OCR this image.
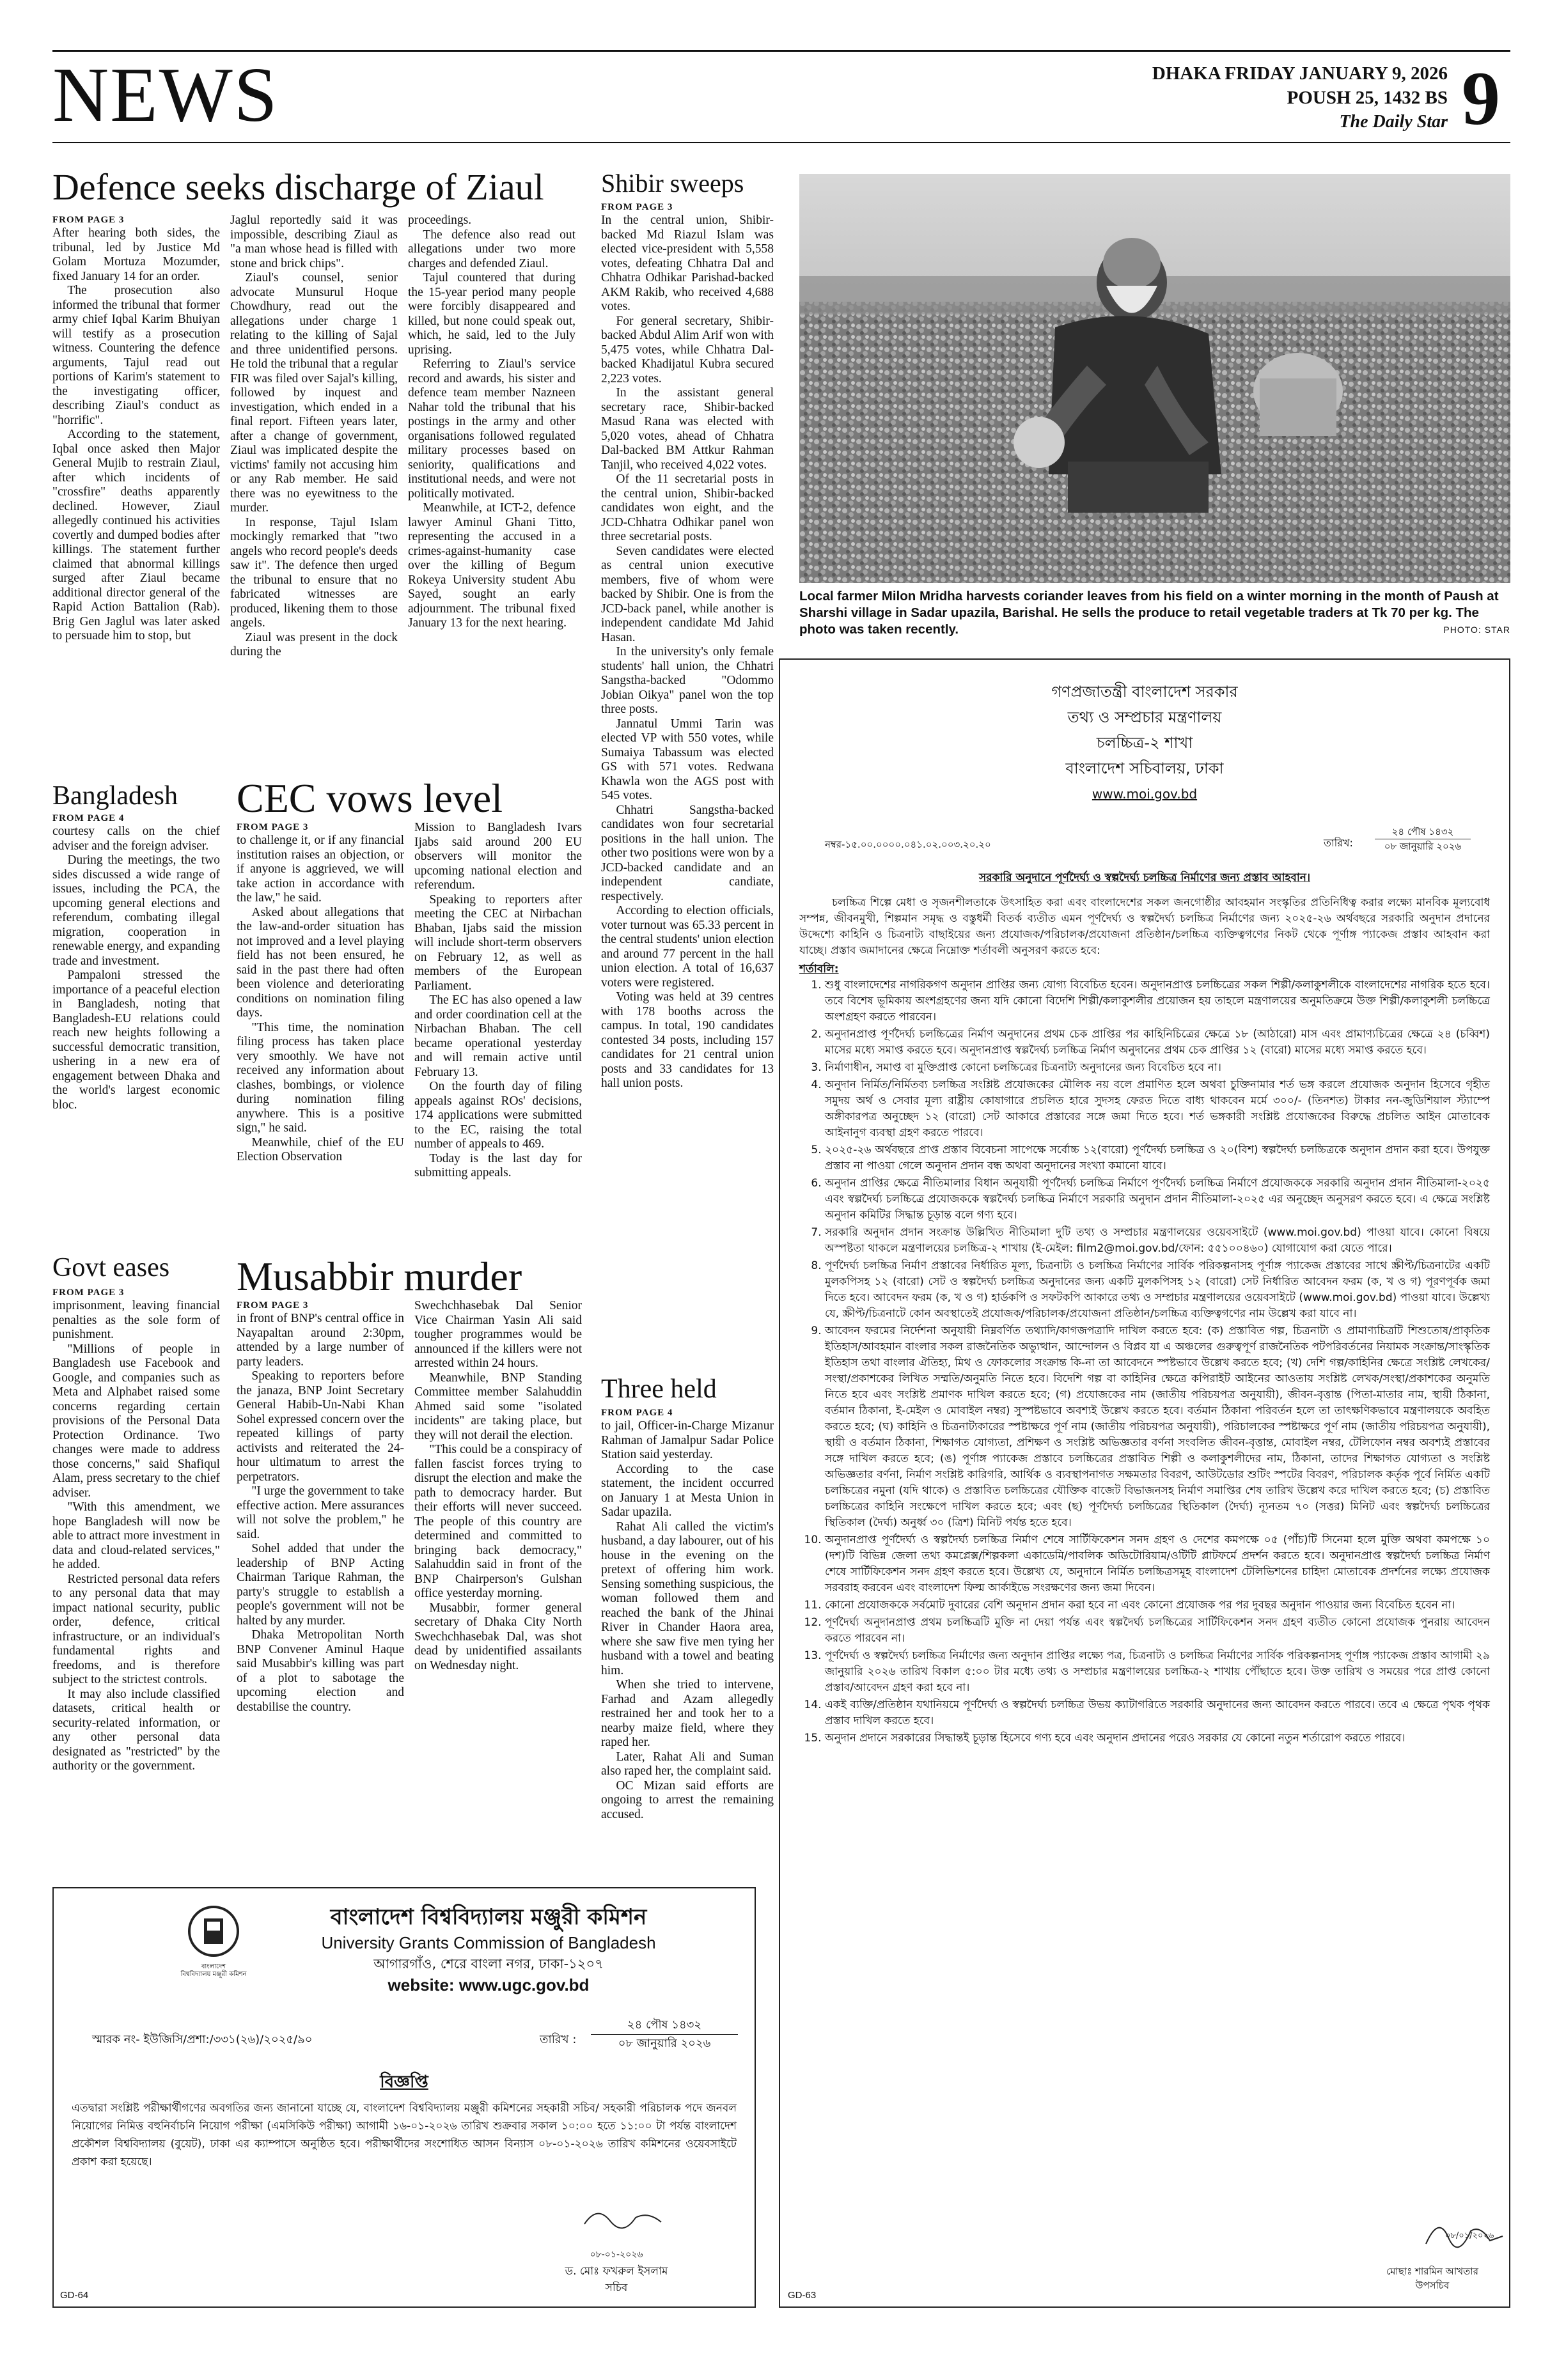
NEWS	DHAKA FRIDAY JANUARY 9, 2026
POUSH 25, 1432 BS
The Daily Star 9
Defence seeks discharge of Ziaul
FROM PAGE 3

After hearing both sides, the tribunal, led by Justice Md Golam Mortuza Mozumder, fixed January 14 for an order.

The prosecution also informed the tribunal that former army chief Iqbal Karim Bhuiyan will testify as a prosecution witness. Countering the defence arguments, Tajul read out portions of Karim's statement to the investigating officer, describing Ziaul's conduct as "horrific".

According to the statement, Iqbal once asked then Major General Mujib to restrain Ziaul, after which incidents of "crossfire" deaths apparently declined. However, Ziaul allegedly continued his activities covertly and dumped bodies after killings. The statement further claimed that abnormal killings surged after Ziaul became additional director general of the Rapid Action Battalion (Rab). Brig Gen Jaglul was later asked to persuade him to stop, but

Jaglul reportedly said it was impossible, describing Ziaul as "a man whose head is filled with stone and brick chips".

Ziaul's counsel, senior advocate Munsurul Hoque Chowdhury, read out the allegations under charge 1 relating to the killing of Sajal and three unidentified persons. He told the tribunal that a regular FIR was filed over Sajal's killing, followed by inquest and investigation, which ended in a final report. Fifteen years later, after a change of government, Ziaul was implicated despite the victims' family not accusing him or any Rab member. He said there was no eyewitness to the murder.

In response, Tajul Islam mockingly remarked that "two angels who record people's deeds saw it". The defence then urged the tribunal to ensure that no fabricated witnesses are produced, likening them to those angels.

Ziaul was present in the dock during the

proceedings.

The defence also read out allegations under two more charges and defended Ziaul.

Tajul countered that during the 15-year period many people were forcibly disappeared and killed, but none could speak out, which, he said, led to the July uprising.

Referring to Ziaul's service record and awards, his sister and defence team member Nazneen Nahar told the tribunal that his postings in the army and other organisations followed regulated military processes based on seniority, qualifications and institutional needs, and were not politically motivated.

Meanwhile, at ICT-2, defence lawyer Aminul Ghani Titto, representing the accused in a crimes-against-humanity case over the killing of Begum Rokeya University student Abu Sayed, sought an early adjournment. The tribunal fixed January 13 for the next hearing.

Shibir sweeps
FROM PAGE 3

In the central union, Shibir-backed Md Riazul Islam was elected vice-president with 5,558 votes, defeating Chhatra Dal and Chhatra Odhikar Parishad-backed AKM Rakib, who received 4,688 votes.

For general secretary, Shibir-backed Abdul Alim Arif won with 5,475 votes, while Chhatra Dal-backed Khadijatul Kubra secured 2,223 votes.

In the assistant general secretary race, Shibir-backed Masud Rana was elected with 5,020 votes, ahead of Chhatra Dal-backed BM Attkur Rahman Tanjil, who received 4,022 votes.

Of the 11 secretarial posts in the central union, Shibir-backed candidates won eight, and the JCD-Chhatra Odhikar panel won three secretarial posts.

Seven candidates were elected as central union executive members, five of whom were backed by Shibir. One is from the JCD-back panel, while another is independent candidate Md Jahid Hasan.

In the university's only female students' hall union, the Chhatri Sangstha-backed "Odommo Jobian Oikya" panel won the top three posts.

Jannatul Ummi Tarin was elected VP with 550 votes, while Sumaiya Tabassum was elected GS with 571 votes. Redwana Khawla won the AGS post with 545 votes.

Chhatri Sangstha-backed candidates won four secretarial positions in the hall union. The other two positions were won by a JCD-backed candidate and an independent candiate, respectively.

According to election officials, voter turnout was 65.33 percent in the central students' union election and around 77 percent in the hall union election. A total of 16,637 voters were registered.

Voting was held at 39 centres with 178 booths across the campus. In total, 190 candidates contested 34 posts, including 157 candidates for 21 central union posts and 33 candidates for 13 hall union posts.

Local farmer Milon Mridha harvests coriander leaves from his field on a winter morning in the month of Paush at Sharshi village in Sadar upazila, Barishal. He sells the produce to retail vegetable traders at Tk 70 per kg. The photo was taken recently.	PHOTO: STAR
Bangladesh
FROM PAGE 4

courtesy calls on the chief adviser and the foreign adviser.

During the meetings, the two sides discussed a wide range of issues, including the PCA, the upcoming general elections and referendum, combating illegal migration, cooperation in renewable energy, and expanding trade and investment.

Pampaloni stressed the importance of a peaceful election in Bangladesh, noting that Bangladesh-EU relations could reach new heights following a successful democratic transition, ushering in a new era of engagement between Dhaka and the world's largest economic bloc.

Govt eases
FROM PAGE 3

imprisonment, leaving financial penalties as the sole form of punishment.

"Millions of people in Bangladesh use Facebook and Google, and companies such as Meta and Alphabet raised some concerns regarding certain provisions of the Personal Data Protection Ordinance. Two changes were made to address those concerns," said Shafiqul Alam, press secretary to the chief adviser.

"With this amendment, we hope Bangladesh will now be able to attract more investment in data and cloud-related services," he added.

Restricted personal data refers to any personal data that may impact national security, public order, defence, critical infrastructure, or an individual's fundamental rights and freedoms, and is therefore subject to the strictest controls.

It may also include classified datasets, critical health or security-related information, or any other personal data designated as "restricted" by the authority or the government.

CEC vows level
FROM PAGE 3

to challenge it, or if any financial institution raises an objection, or if anyone is aggrieved, we will take action in accordance with the law," he said.

Asked about allegations that the law-and-order situation has not improved and a level playing field has not been ensured, he said in the past there had often been violence and deteriorating conditions on nomination filing days.

"This time, the nomination filing process has taken place very smoothly. We have not received any information about clashes, bombings, or violence during nomination filing anywhere. This is a positive sign," he said.

Meanwhile, chief of the EU Election Observation

Mission to Bangladesh Ivars Ijabs said around 200 EU observers will monitor the upcoming national election and referendum.

Speaking to reporters after meeting the CEC at Nirbachan Bhaban, Ijabs said the mission will include short-term observers on February 12, as well as members of the European Parliament.

The EC has also opened a law and order coordination cell at the Nirbachan Bhaban. The cell became operational yesterday and will remain active until February 13.

On the fourth day of filing appeals against ROs' decisions, 174 applications were submitted to the EC, raising the total number of appeals to 469.

Today is the last day for submitting appeals.

Musabbir murder
FROM PAGE 3

in front of BNP's central office in Nayapaltan around 2:30pm, attended by a large number of party leaders.

Speaking to reporters before the janaza, BNP Joint Secretary General Habib-Un-Nabi Khan Sohel expressed concern over the repeated killings of party activists and reiterated the 24-hour ultimatum to arrest the perpetrators.

"I urge the government to take effective action. Mere assurances will not solve the problem," he said.

Sohel added that under the leadership of BNP Acting Chairman Tarique Rahman, the party's struggle to establish a people's government will not be halted by any murder.

Dhaka Metropolitan North BNP Convener Aminul Haque said Musabbir's killing was part of a plot to sabotage the upcoming election and destabilise the country.

Swechchhasebak Dal Senior Vice Chairman Yasin Ali said tougher programmes would be announced if the killers were not arrested within 24 hours.

Meanwhile, BNP Standing Committee member Salahuddin Ahmed said some "isolated incidents" are taking place, but they will not derail the election.

"This could be a conspiracy of fallen fascist forces trying to disrupt the election and make the path to democracy harder. But their efforts will never succeed. The people of this country are determined and committed to bringing back democracy," Salahuddin said in front of the BNP Chairperson's Gulshan office yesterday morning.

Musabbir, former general secretary of Dhaka City North Swechchhasebak Dal, was shot dead by unidentified assailants on Wednesday night.

Three held
FROM PAGE 4

to jail, Officer-in-Charge Mizanur Rahman of Jamalpur Sadar Police Station said yesterday.

According to the case statement, the incident occurred on January 1 at Mesta Union in Sadar upazila.

Rahat Ali called the victim's husband, a day labourer, out of his house in the evening on the pretext of offering him work. Sensing something suspicious, the woman followed them and reached the bank of the Jhinai River in Chander Haora area, where she saw five men tying her husband with a towel and beating him.

When she tried to intervene, Farhad and Azam allegedly restrained her and took her to a nearby maize field, where they raped her.

Later, Rahat Ali and Suman also raped her, the complaint said.

OC Mizan said efforts are ongoing to arrest the remaining accused.

গণপ্রজাতন্ত্রী বাংলাদেশ সরকার
তথ্য ও সম্প্রচার মন্ত্রণালয়
চলচ্চিত্র-২ শাখা
বাংলাদেশ সচিবালয়, ঢাকা
www.moi.gov.bd
নম্বর-১৫.০০.০০০০.০৪১.০২.০০৩.২০.২০	তারিখ:
২৪ পৌষ ১৪৩২
০৮ জানুয়ারি ২০২৬
সরকারি অনুদানে পূর্ণদৈর্ঘ্য ও স্বল্পদৈর্ঘ্য চলচ্চিত্র নির্মাণের জন্য প্রস্তাব আহবান।
চলচ্চিত্র শিল্পে মেধা ও সৃজনশীলতাকে উৎসাহিত করা এবং বাংলাদেশের সকল জনগোষ্ঠীর আবহমান সংস্কৃতির প্রতিনিধিত্ব করার লক্ষ্যে মানবিক মূল্যবোধ সম্পন্ন, জীবনমুখী, শিল্পমান সমৃদ্ধ ও বস্তুধর্মী বিতর্ক ব্যতীত এমন পূর্ণদৈর্ঘ্য ও স্বল্পদৈর্ঘ্য চলচ্চিত্র নির্মাণের জন্য ২০২৫-২৬ অর্থবছরে সরকারি অনুদান প্রদানের উদ্দেশ্যে কাহিনি ও চিত্রনাট্য বাছাইয়ের জন্য প্রযোজক/পরিচালক/প্রযোজনা প্রতিষ্ঠান/চলচ্চিত্র ব্যক্তিত্বগণের নিকট থেকে পূর্ণাঙ্গ প্যাকেজ প্রস্তাব আহবান করা যাচ্ছে। প্রস্তাব জমাদানের ক্ষেত্রে নিম্নোক্ত শর্তাবলী অনুসরণ করতে হবে:
শর্তাবলি:
1. শুধু বাংলাদেশের নাগরিকগণ অনুদান প্রাপ্তির জন্য যোগ্য বিবেচিত হবেন। অনুদানপ্রাপ্ত চলচ্চিত্রের সকল শিল্পী/কলাকুশলীকে বাংলাদেশের নাগরিক হতে হবে। তবে বিশেষ ভূমিকায় অংশগ্রহণের জন্য যদি কোনো বিদেশি শিল্পী/কলাকুশলীর প্রয়োজন হয় তাহলে মন্ত্রণালয়ের অনুমতিক্রমে উক্ত শিল্পী/কলাকুশলী চলচ্চিত্রে অংশগ্রহণ করতে পারবেন।
2. অনুদানপ্রাপ্ত পূর্ণদৈর্ঘ্য চলচ্চিত্রের নির্মাণ অনুদানের প্রথম চেক প্রাপ্তির পর কাহিনিচিত্রের ক্ষেত্রে ১৮ (আঠারো) মাস এবং প্রামাণ্যচিত্রের ক্ষেত্রে ২৪ (চব্বিশ) মাসের মধ্যে সমাপ্ত করতে হবে। অনুদানপ্রাপ্ত স্বল্পদৈর্ঘ্য চলচ্চিত্র নির্মাণ অনুদানের প্রথম চেক প্রাপ্তির ১২ (বারো) মাসের মধ্যে সমাপ্ত করতে হবে।
3. নির্মাণাধীন, সমাপ্ত বা মুক্তিপ্রাপ্ত কোনো চলচ্চিত্রের চিত্রনাট্য অনুদানের জন্য বিবেচিত হবে না।
4. অনুদান নির্মিত/নির্মিতব্য চলচ্চিত্র সংশ্লিষ্ট প্রযোজকের মৌলিক নয় বলে প্রমাণিত হলে অথবা চুক্তিনামার শর্ত ভঙ্গ করলে প্রযোজক অনুদান হিসেবে গৃহীত সমুদয় অর্থ ও সেবার মূল্য রাষ্ট্রীয় কোষাগারে প্রচলিত হারে সুদসহ ফেরত দিতে বাধ্য থাকবেন মর্মে ৩০০/- (তিনশত) টাকার নন-জুডিশিয়াল স্ট্যাম্পে অঙ্গীকারপত্র অনুচ্ছেদ ১২ (বারো) সেট আকারে প্রস্তাবের সঙ্গে জমা দিতে হবে। শর্ত ভঙ্গকারী সংশ্লিষ্ট প্রযোজকের বিরুদ্ধে প্রচলিত আইন মোতাবেক আইনানুগ ব্যবস্থা গ্রহণ করতে পারবে।
5. ২০২৫-২৬ অর্থবছরে প্রাপ্ত প্রস্তাব বিবেচনা সাপেক্ষে সর্বোচ্চ ১২(বারো) পূর্ণদৈর্ঘ্য চলচ্চিত্র ও ২০(বিশ) স্বল্পদৈর্ঘ্য চলচ্চিত্রকে অনুদান প্রদান করা হবে। উপযুক্ত প্রস্তাব না পাওয়া গেলে অনুদান প্রদান বন্ধ অথবা অনুদানের সংখ্যা কমানো যাবে।
6. অনুদান প্রাপ্তির ক্ষেত্রে নীতিমালার বিধান অনুযায়ী পূর্ণদৈর্ঘ্য চলচ্চিত্র নির্মাণে পূর্ণদৈর্ঘ্য চলচ্চিত্র নির্মাণে প্রযোজককে সরকারি অনুদান প্রদান নীতিমালা-২০২৫ এবং স্বল্পদৈর্ঘ্য চলচ্চিত্রে প্রযোজককে স্বল্পদৈর্ঘ্য চলচ্চিত্র নির্মাণে সরকারি অনুদান প্রদান নীতিমালা-২০২৫ এর অনুচ্ছেদ অনুসরণ করতে হবে। এ ক্ষেত্রে সংশ্লিষ্ট অনুদান কমিটির সিদ্ধান্ত চূড়ান্ত বলে গণ্য হবে।
7. সরকারি অনুদান প্রদান সংক্রান্ত উল্লিখিত নীতিমালা দুটি তথ্য ও সম্প্রচার মন্ত্রণালয়ের ওয়েবসাইটে (www.moi.gov.bd) পাওয়া যাবে। কোনো বিষয়ে অস্পষ্টতা থাকলে মন্ত্রণালয়ের চলচ্চিত্র-২ শাখায় (ই-মেইল: film2@moi.gov.bd/ফোন: ৫৫১০০৪৬০) যোগাযোগ করা যেতে পারে।
8. পূর্ণদৈর্ঘ্য চলচ্চিত্র নির্মাণ প্রস্তাবের নির্ধারিত মূল্য, চিত্রনাট্য ও চলচ্চিত্র নির্মাণের সার্বিক পরিকল্পনাসহ পূর্ণাঙ্গ প্যাকেজ প্রস্তাবের সাথে স্ক্রীপ্ট/চিত্রনাটের একটি মুলকপিসহ ১২ (বারো) সেট ও স্বল্পদৈর্ঘ্য চলচ্চিত্র অনুদানের জন্য একটি মুলকপিসহ ১২ (বারো) সেট নির্ধারিত আবেদন ফরম (ক, খ ও গ) পূরণপূর্বক জমা দিতে হবে। আবেদন ফরম (ক, খ ও গ) হার্ডকপি ও সফটকপি আকারে তথ্য ও সম্প্রচার মন্ত্রণালয়ের ওয়েবসাইটে (www.moi.gov.bd) পাওয়া যাবে। উল্লেখ্য যে, স্ক্রীপ্ট/চিত্রনাটে কোন অবস্থাতেই প্রযোজক/পরিচালক/প্রযোজনা প্রতিষ্ঠান/চলচ্চিত্র ব্যক্তিত্বগণের নাম উল্লেখ করা যাবে না।
9. আবেদন ফরমের নির্দেশনা অনুযায়ী নিম্নবর্ণিত তথ্যাদি/কাগজপত্রাদি দাখিল করতে হবে: (ক) প্রস্তাবিত গল্প, চিত্রনাট্য ও প্রামাণ্যচিত্রটি শিশুতোষ/প্রাকৃতিক ইতিহাস/আবহমান বাংলার সকল রাজনৈতিক অভ্যুত্থান, আন্দোলন ও বিপ্লব যা এ অঞ্চলের গুরুত্বপূর্ণ রাজনৈতিক পটপরিবর্তনের নিয়ামক সংক্রান্ত/সাংস্কৃতিক ইতিহাস তথা বাংলার ঐতিহ্য, মিথ ও ফোকলোর সংক্রান্ত কি-না তা আবেদনে স্পষ্টভাবে উল্লেখ করতে হবে; (খ) দেশি গল্প/কাহিনির ক্ষেত্রে সংশ্লিষ্ট লেখকের/সংস্থা/প্রকাশকের লিখিত সম্মতি/অনুমতি নিতে হবে। বিদেশি গল্প বা কাহিনির ক্ষেত্রে কপিরাইট আইনের আওতায় সংশ্লিষ্ট লেখক/সংস্থা/প্রকাশকের অনুমতি নিতে হবে এবং সংশ্লিষ্ট প্রমাণক দাখিল করতে হবে; (গ) প্রযোজকের নাম (জাতীয় পরিচয়পত্র অনুযায়ী), জীবন-বৃত্তান্ত (পিতা-মাতার নাম, স্থায়ী ঠিকানা, বর্তমান ঠিকানা, ই-মেইল ও মোবাইল নম্বর) সুস্পষ্টভাবে অবশ্যই উল্লেখ করতে হবে। বর্তমান ঠিকানা পরিবর্তন হলে তা তাৎক্ষণিকভাবে মন্ত্রণালয়কে অবহিত করতে হবে; (ঘ) কাহিনি ও চিত্রনাট্যকারের স্পষ্টাক্ষরে পূর্ণ নাম (জাতীয় পরিচয়পত্র অনুযায়ী), পরিচালকের স্পষ্টাক্ষরে পূর্ণ নাম (জাতীয় পরিচয়পত্র অনুযায়ী), স্থায়ী ও বর্তমান ঠিকানা, শিক্ষাগত যোগ্যতা, প্রশিক্ষণ ও সংশ্লিষ্ট অভিজ্ঞতার বর্ণনা সংবলিত জীবন-বৃত্তান্ত, মোবাইল নম্বর, টেলিফোন নম্বর অবশ্যই প্রস্তাবের সঙ্গে দাখিল করতে হবে; (ঙ) পূর্ণাঙ্গ প্যাকেজ প্রস্তাবে চলচ্চিত্রের প্রস্তাবিত শিল্পী ও কলাকুশলীদের নাম, ঠিকানা, তাদের শিক্ষাগত যোগ্যতা ও সংশ্লিষ্ট অভিজ্ঞতার বর্ণনা, নির্মাণ সংশ্লিষ্ট কারিগরি, আর্থিক ও ব্যবস্থাপনাগত সক্ষমতার বিবরণ, আউটডোর শুটিং স্পটের বিবরণ, পরিচালক কর্তৃক পূর্বে নির্মিত একটি চলচ্চিত্রের নমুনা (যদি থাকে) ও প্রস্তাবিত চলচ্চিত্রের যৌক্তিক বাজেট বিভাজনসহ নির্মাণ সমাপ্তির শেষ তারিখ উল্লেখ করে দাখিল করতে হবে; (চ) প্রস্তাবিত চলচ্চিত্রের কাহিনি সংক্ষেপে দাখিল করতে হবে; এবং (ছ) পূর্ণদৈর্ঘ্য চলচ্চিত্রের স্থিতিকাল (দৈর্ঘ্য) ন্যূনতম ৭০ (সত্তর) মিনিট এবং স্বল্পদৈর্ঘ্য চলচ্চিত্রের স্থিতিকাল (দৈর্ঘ্য) অনুর্ধ্ব ৩০ (ত্রিশ) মিনিট পর্যন্ত হতে হবে।
10. অনুদানপ্রাপ্ত পূর্ণদৈর্ঘ্য ও স্বল্পদৈর্ঘ্য চলচ্চিত্র নির্মাণ শেষে সার্টিফিকেশন সনদ গ্রহণ ও দেশের কমপক্ষে ০৫ (পাঁচ)টি সিনেমা হলে মুক্তি অথবা কমপক্ষে ১০ (দশ)টি বিভিন্ন জেলা তথ্য কমপ্লেক্স/শিল্পকলা একাডেমি/পাবলিক অডিটোরিয়াম/ওটিটি প্লাটফর্মে প্রদর্শন করতে হবে। অনুদানপ্রাপ্ত স্বল্পদৈর্ঘ্য চলচ্চিত্র নির্মাণ শেষে সার্টিফিকেশন সনদ গ্রহণ করতে হবে। উল্লেখ্য যে, অনুদানে নির্মিত চলচ্চিত্রসমূহ বাংলাদেশ টেলিভিশনের চাহিদা মোতাবেক প্রদর্শনের লক্ষ্যে প্রযোজক সরবরাহ করবেন এবং বাংলাদেশ ফিল্ম আর্কাইভে সংরক্ষণের জন্য জমা দিবেন।
11. কোনো প্রযোজককে সর্বমোট দুবারের বেশি অনুদান প্রদান করা হবে না এবং কোনো প্রযোজক পর পর দুবছর অনুদান পাওয়ার জন্য বিবেচিত হবেন না।
12. পূর্ণদৈর্ঘ্য অনুদানপ্রাপ্ত প্রথম চলচ্চিত্রটি মুক্তি না দেয়া পর্যন্ত এবং স্বল্পদৈর্ঘ্য চলচ্চিত্রের সার্টিফিকেশন সনদ গ্রহণ ব্যতীত কোনো প্রযোজক পুনরায় আবেদন করতে পারবেন না।
13. পূর্ণদৈর্ঘ্য ও স্বল্পদৈর্ঘ্য চলচ্চিত্র নির্মাণের জন্য অনুদান প্রাপ্তির লক্ষ্যে পত্র, চিত্রনাট্য ও চলচ্চিত্র নির্মাণের সার্বিক পরিকল্পনাসহ পূর্ণাঙ্গ প্যাকেজ প্রস্তাব আগামী ২৯ জানুয়ারি ২০২৬ তারিখ বিকাল ৫:০০ টার মধ্যে তথ্য ও সম্প্রচার মন্ত্রণালয়ের চলচ্চিত্র-২ শাখায় পৌঁছাতে হবে। উক্ত তারিখ ও সময়ের পরে প্রাপ্ত কোনো প্রস্তাব/আবেদন গ্রহণ করা হবে না।
14. একই ব্যক্তি/প্রতিষ্ঠান যথানিয়মে পূর্ণদৈর্ঘ্য ও স্বল্পদৈর্ঘ্য চলচ্চিত্র উভয় ক্যাটাগরিতে সরকারি অনুদানের জন্য আবেদন করতে পারবে। তবে এ ক্ষেত্রে পৃথক পৃথক প্রস্তাব দাখিল করতে হবে।
15. অনুদান প্রদানে সরকারের সিদ্ধান্তই চূড়ান্ত হিসেবে গণ্য হবে এবং অনুদান প্রদানের পরেও সরকার যে কোনো নতুন শর্তারোপ করতে পারবে।
০৮/০১/২০২৬
মোছাঃ শারমিন আখতার
উপসচিব
GD-63
বাংলাদেশ
বিশ্ববিদ্যালয় মঞ্জুরী কমিশন
বাংলাদেশ বিশ্ববিদ্যালয় মঞ্জুরী কমিশন
University Grants Commission of Bangladesh
আগারগাঁও, শেরে বাংলা নগর, ঢাকা-১২০৭
website: www.ugc.gov.bd
স্মারক নং- ইউজিসি/প্রশা:/৩৩১(২৬)/২০২৫/৯০	তারিখ :
২৪ পৌষ ১৪৩২
০৮ জানুয়ারি ২০২৬
বিজ্ঞপ্তি
এতদ্বারা সংশ্লিষ্ট পরীক্ষার্থীগণের অবগতির জন্য জানানো যাচ্ছে যে, বাংলাদেশ বিশ্ববিদ্যালয় মঞ্জুরী কমিশনের সহকারী সচিব/ সহকারী পরিচালক পদে জনবল নিয়োগের নিমিত্ত বহুনির্বাচনি নিয়োগ পরীক্ষা (এমসিকিউ পরীক্ষা) আগামী ১৬-০১-২০২৬ তারিখ শুক্রবার সকাল ১০:০০ হতে ১১:০০ টা পর্যন্ত বাংলাদেশ প্রকৌশল বিশ্ববিদ্যালয় (বুয়েট), ঢাকা এর ক্যাম্পাসে অনুষ্ঠিত হবে। পরীক্ষার্থীদের সংশোধিত আসন বিন্যাস ০৮-০১-২০২৬ তারিখ কমিশনের ওয়েবসাইটে প্রকাশ করা হয়েছে।
০৮-০১-২০২৬
ড. মোঃ ফখরুল ইসলাম
সচিব
GD-64
